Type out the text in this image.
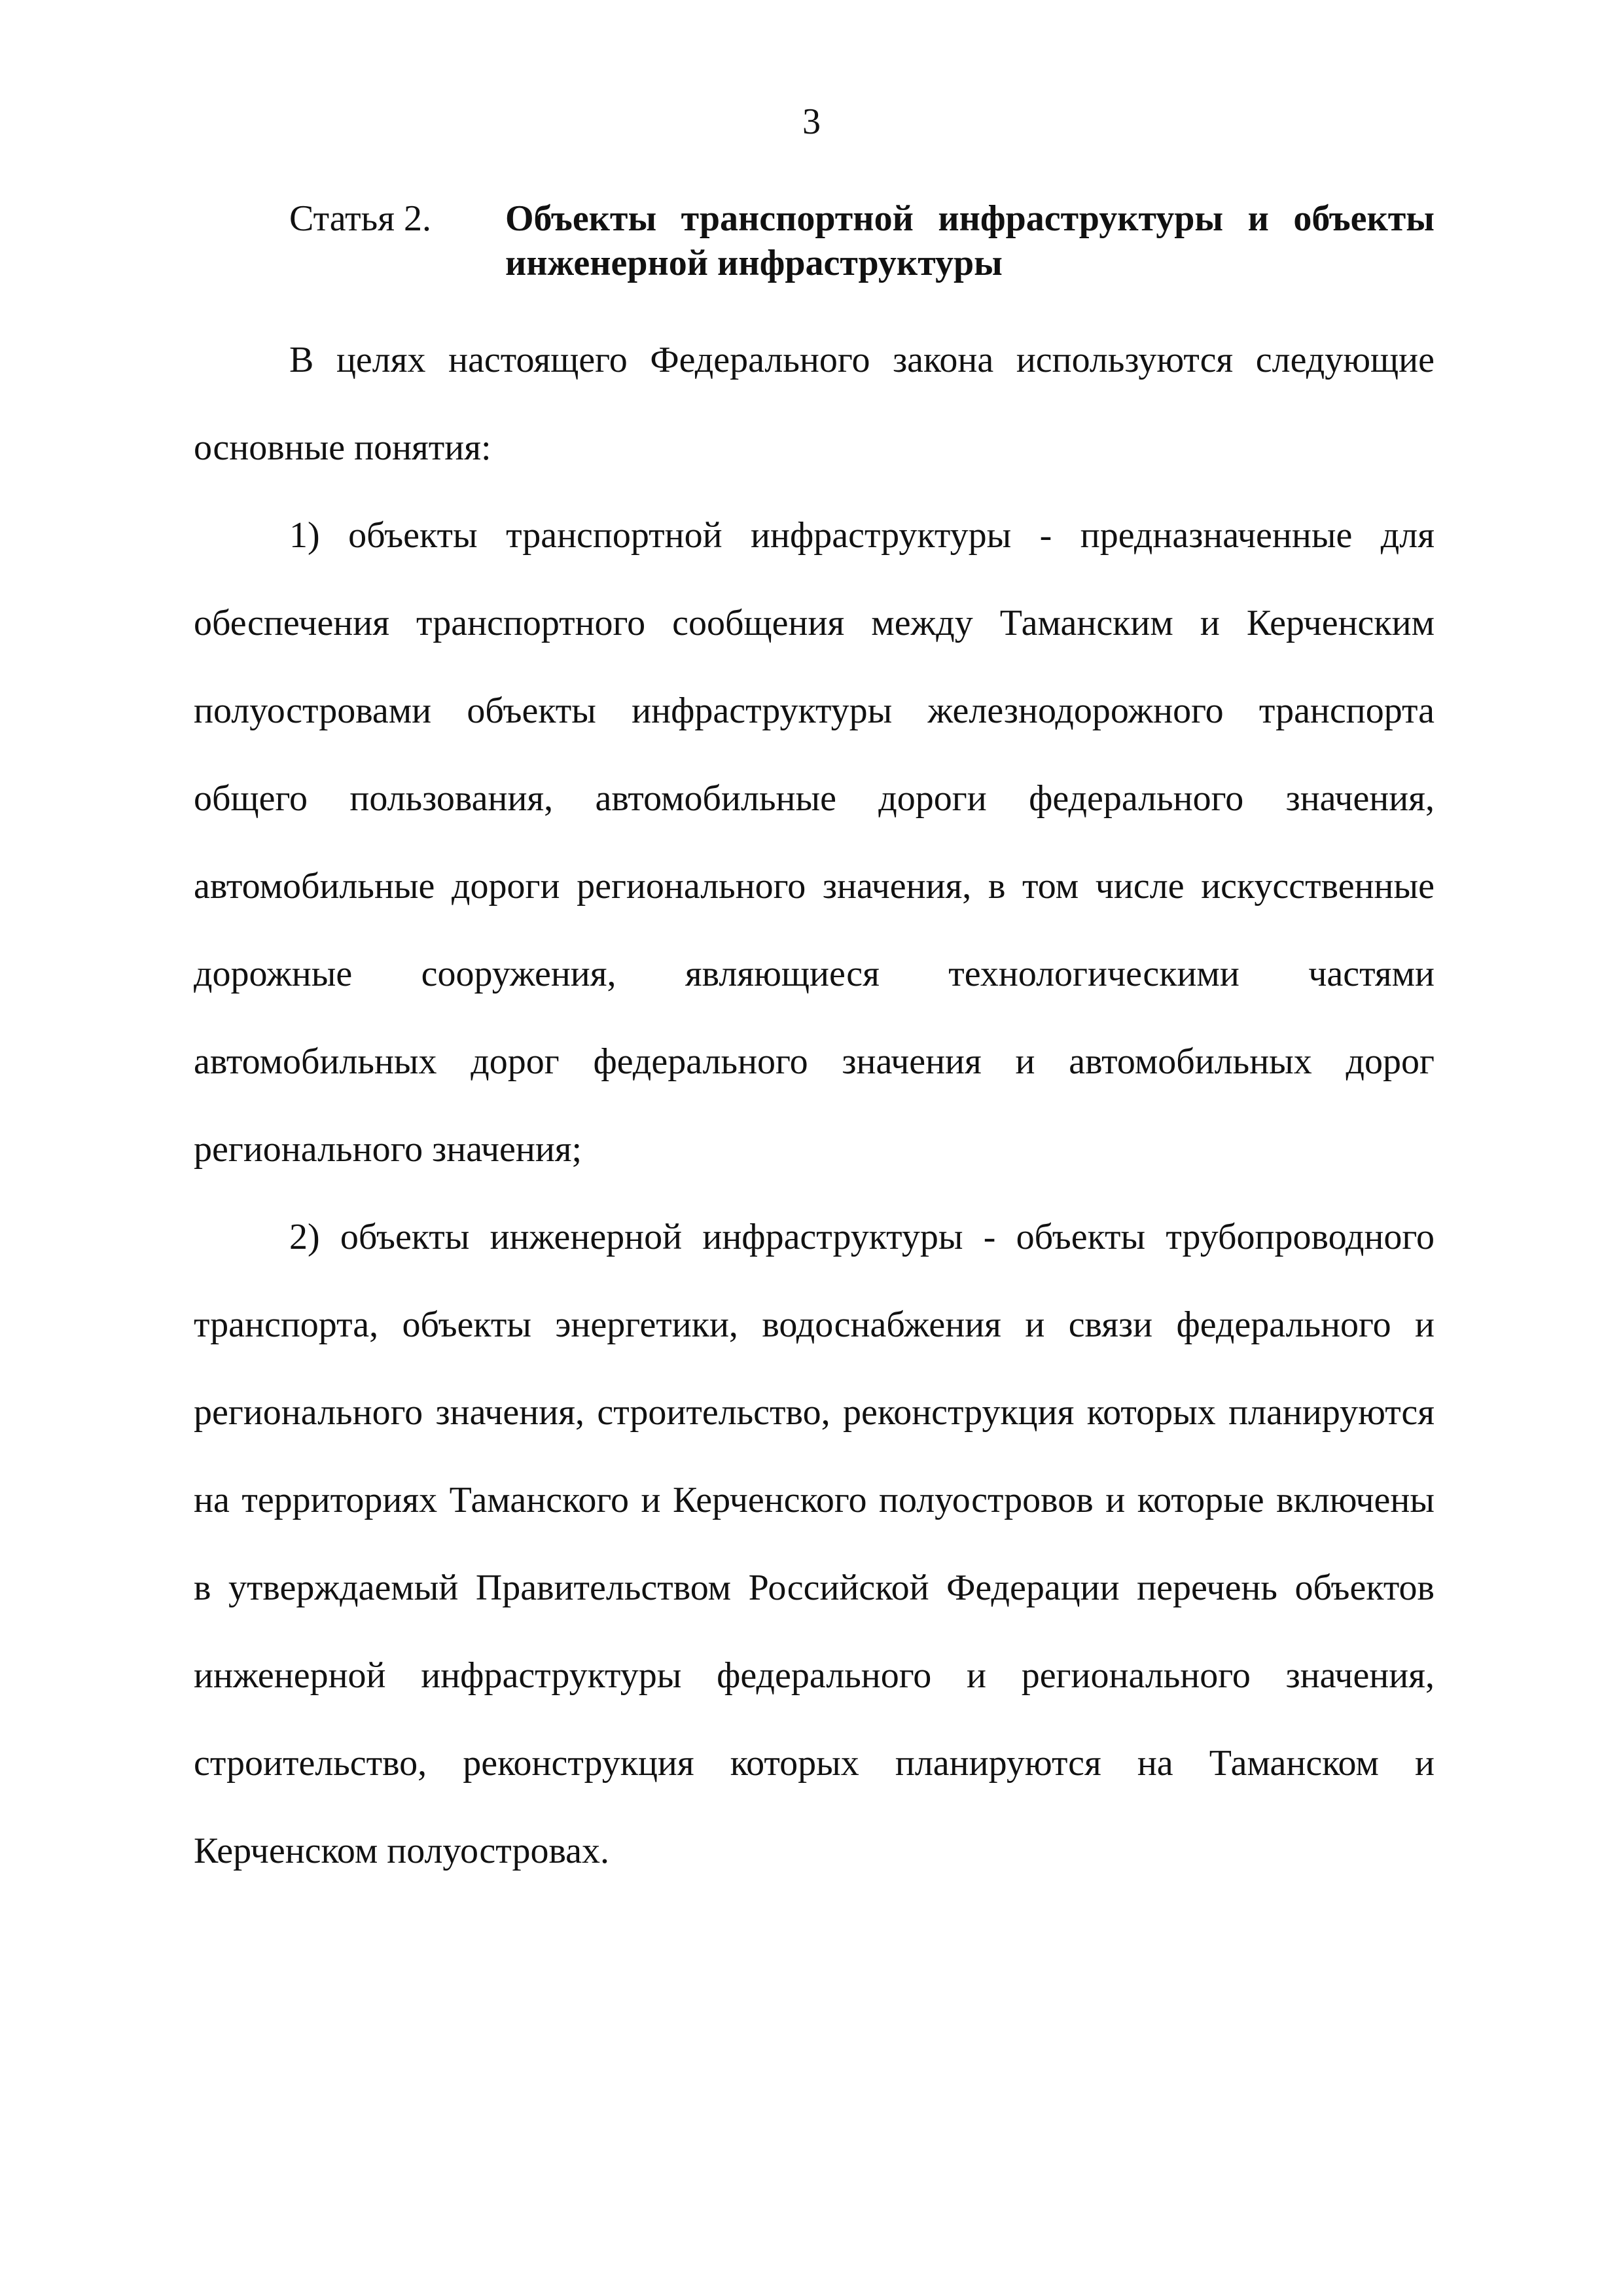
3
Статья 2. Объекты транспортной инфраструктуры и объекты инженерной инфраструктуры

В целях настоящего Федерального закона используются следующие основные понятия:

1) объекты транспортной инфраструктуры - предназначенные для обеспечения транспортного сообщения между Таманским и Керченским полуостровами объекты инфраструктуры железнодорожного транспорта общего пользования, автомобильные дороги федерального значения, автомобильные дороги регионального значения, в том числе искусственные дорожные сооружения, являющиеся технологическими частями автомобильных дорог федерального значения и автомобильных дорог регионального значения;

2) объекты инженерной инфраструктуры - объекты трубопроводного транспорта, объекты энергетики, водоснабжения и связи федерального и регионального значения, строительство, реконструкция которых планируются на территориях Таманского и Керченского полуостровов и которые включены в утверждаемый Правительством Российской Федерации перечень объектов инженерной инфраструктуры федерального и регионального значения, строительство, реконструкция которых планируются на Таманском и Керченском полуостровах.
